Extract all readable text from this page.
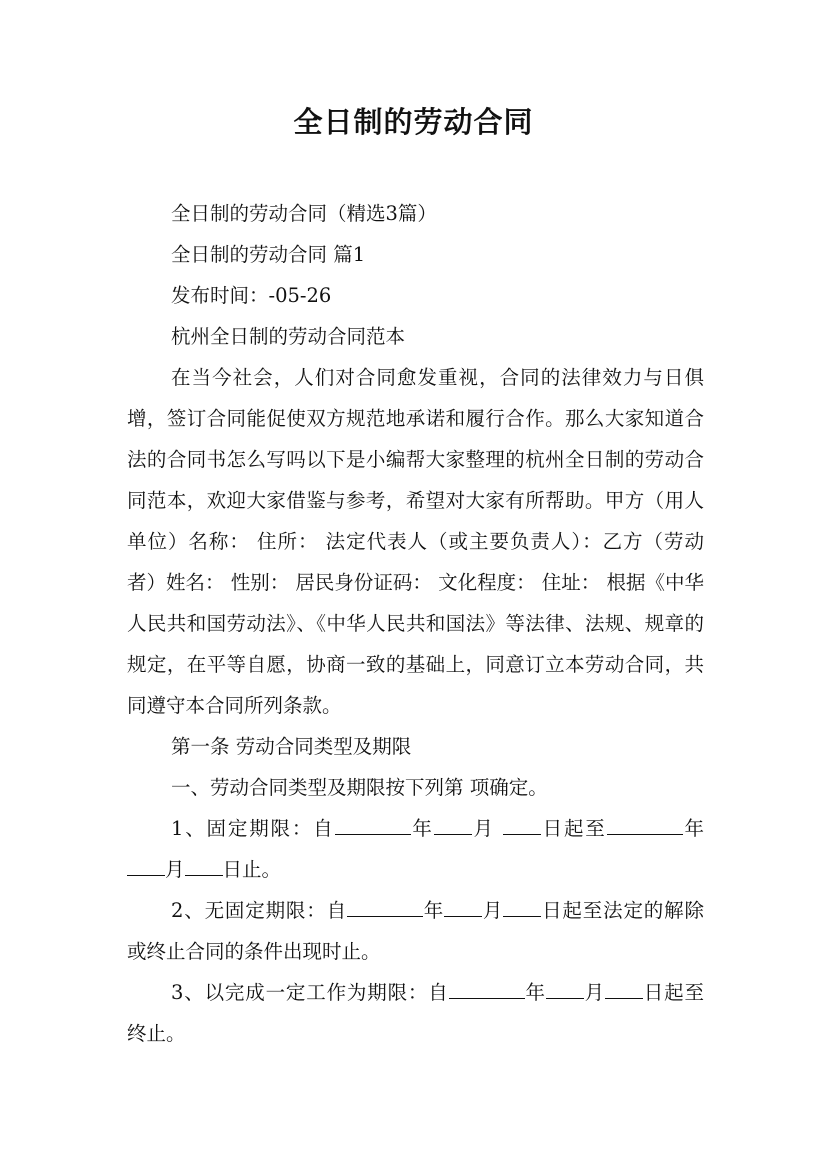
全日制的劳动合同

全日制的劳动合同（精选3篇）

全日制的劳动合同 篇1

发布时间：-05-26

杭州全日制的劳动合同范本

在当今社会，人们对合同愈发重视，合同的法律效力与日俱增，签订合同能促使双方规范地承诺和履行合作。那么大家知道合法的合同书怎么写吗以下是小编帮大家整理的杭州全日制的劳动合同范本，欢迎大家借鉴与参考，希望对大家有所帮助。甲方（用人单位）名称： 住所： 法定代表人（或主要负责人）：乙方（劳动者）姓名： 性别： 居民身份证码： 文化程度： 住址： 根据《中华人民共和国劳动法》、《中华人民共和国法》等法律、法规、规章的规定，在平等自愿，协商一致的基础上，同意订立本劳动合同，共同遵守本合同所列条款。

第一条 劳动合同类型及期限

一、劳动合同类型及期限按下列第 项确定。

1、固定期限：自	年 月 日起至	年 月 日止。

2、无固定期限：自	年 月 日起至法定的解除或终止合同的条件出现时止。

3、以完成一定工作为期限：自	年 月 日起至 终止。
